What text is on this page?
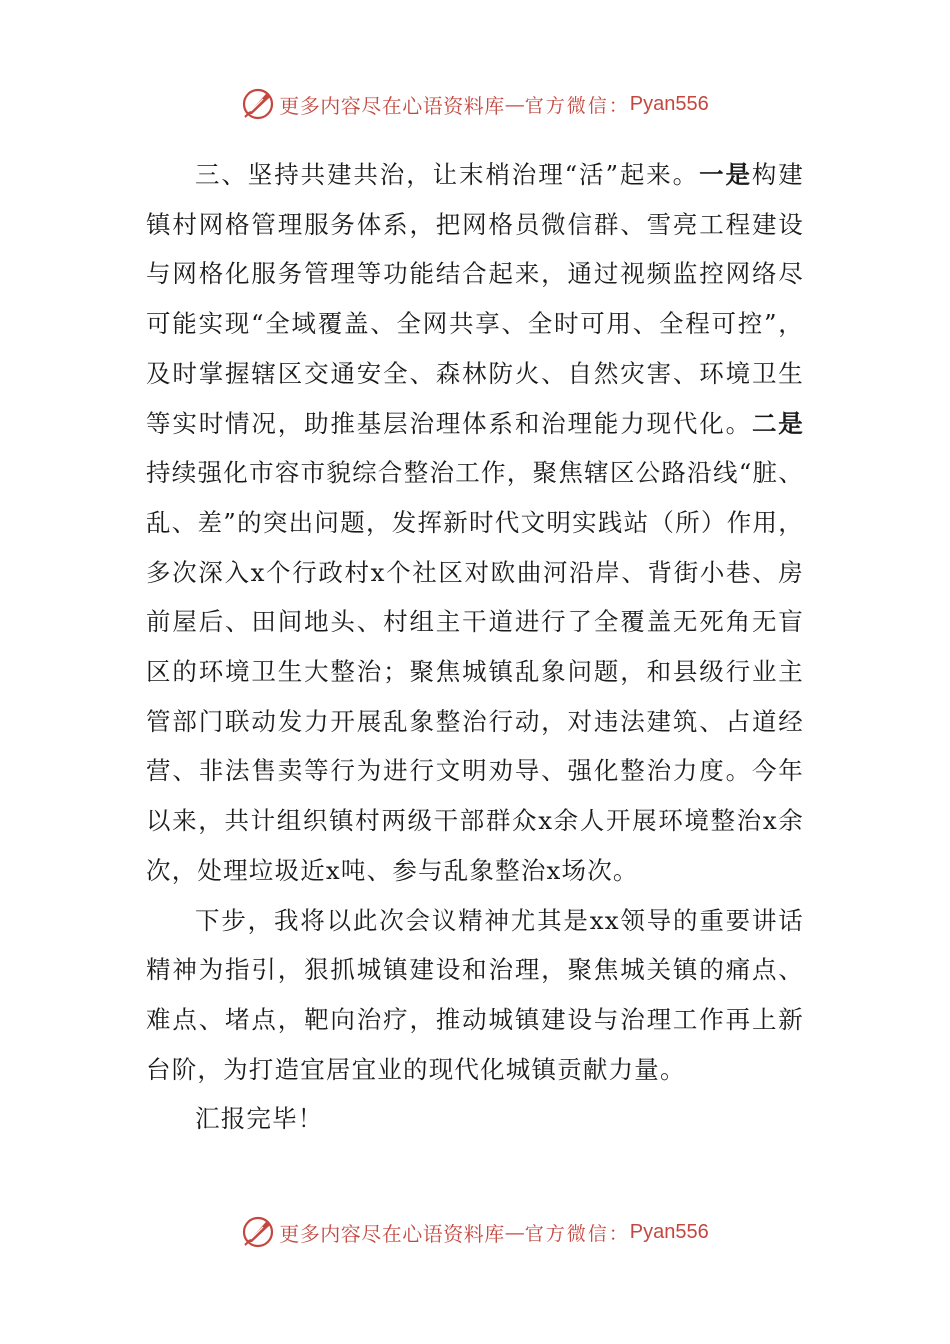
更多内容尽在心语资料库 — 官方微信： Pyan556

三、坚持共建共治，让末梢治理“活”起来。一是构建镇村网格管理服务体系，把网格员微信群、雪亮工程建设与网格化服务管理等功能结合起来，通过视频监控网络尽可能实现“全域覆盖、全网共享、全时可用、全程可控”，及时掌握辖区交通安全、森林防火、自然灾害、环境卫生等实时情况，助推基层治理体系和治理能力现代化。二是持续强化市容市貌综合整治工作，聚焦辖区公路沿线“脏、乱、差”的突出问题，发挥新时代文明实践站（所）作用，多次深入x个行政村x个社区对欧曲河沿岸、背街小巷、房前屋后、田间地头、村组主干道进行了全覆盖无死角无盲区的环境卫生大整治；聚焦城镇乱象问题，和县级行业主管部门联动发力开展乱象整治行动，对违法建筑、占道经营、非法售卖等行为进行文明劝导、强化整治力度。今年以来，共计组织镇村两级干部群众x余人开展环境整治x余次，处理垃圾近x吨、参与乱象整治x场次。

下步，我将以此次会议精神尤其是xx领导的重要讲话精神为指引，狠抓城镇建设和治理，聚焦城关镇的痛点、难点、堵点，靶向治疗，推动城镇建设与治理工作再上新台阶，为打造宜居宜业的现代化城镇贡献力量。

汇报完毕！

更多内容尽在心语资料库 — 官方微信： Pyan556
